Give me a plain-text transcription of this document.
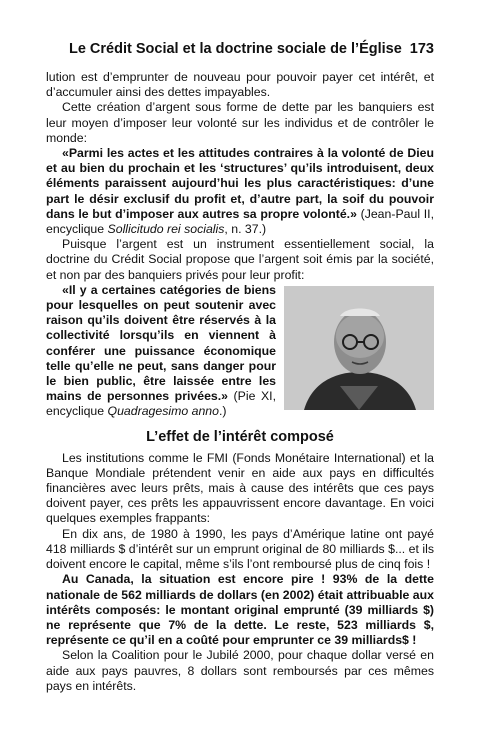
Le Crédit Social et la doctrine sociale de l’Église 173

lution est d’emprunter de nouveau pour pouvoir payer cet intérêt, et d’accumuler ainsi des dettes impayables.

Cette création d’argent sous forme de dette par les banquiers est leur moyen d’imposer leur volonté sur les individus et de contrôler le monde:

«Parmi les actes et les attitudes contraires à la volonté de Dieu et au bien du prochain et les ‘structures’ qu’ils introduisent, deux éléments paraissent aujourd’hui les plus caractéristiques: d’une part le désir exclusif du profit et, d’autre part, la soif du pouvoir dans le but d’imposer aux autres sa propre volonté.» (Jean-Paul II, encyclique Sollicitudo rei socialis, n. 37.)

Puisque l’argent est un instrument essentiellement social, la doctrine du Crédit Social propose que l’argent soit émis par la société, et non par des banquiers privés pour leur profit:

«Il y a certaines catégories de biens pour lesquelles on peut soutenir avec raison qu’ils doivent être réservés à la collectivité lorsqu’ils en viennent à conférer une puissance économique telle qu’elle ne peut, sans danger pour le bien public, être laissée entre les mains de personnes privées.» (Pie XI, encyclique Quadragesimo anno.)

L’effet de l’intérêt composé

Les institutions comme le FMI (Fonds Monétaire International) et la Banque Mondiale prétendent venir en aide aux pays en difficultés financières avec leurs prêts, mais à cause des intérêts que ces pays doivent payer, ces prêts les appauvrissent encore davantage. En voici quelques exemples frappants:

En dix ans, de 1980 à 1990, les pays d’Amérique latine ont payé 418 milliards $ d’intérêt sur un emprunt original de 80 milliards $... et ils doivent encore le capital, même s’ils l’ont remboursé plus de cinq fois !

Au Canada, la situation est encore pire ! 93% de la dette nationale de 562 milliards de dollars (en 2002) était attribuable aux intérêts composés: le montant original emprunté (39 milliards $) ne représente que 7% de la dette. Le reste, 523 milliards $, représente ce qu’il en a coûté pour emprunter ce 39 milliards$ !

Selon la Coalition pour le Jubilé 2000, pour chaque dollar versé en aide aux pays pauvres, 8 dollars sont remboursés par ces mêmes pays en intérêts.
